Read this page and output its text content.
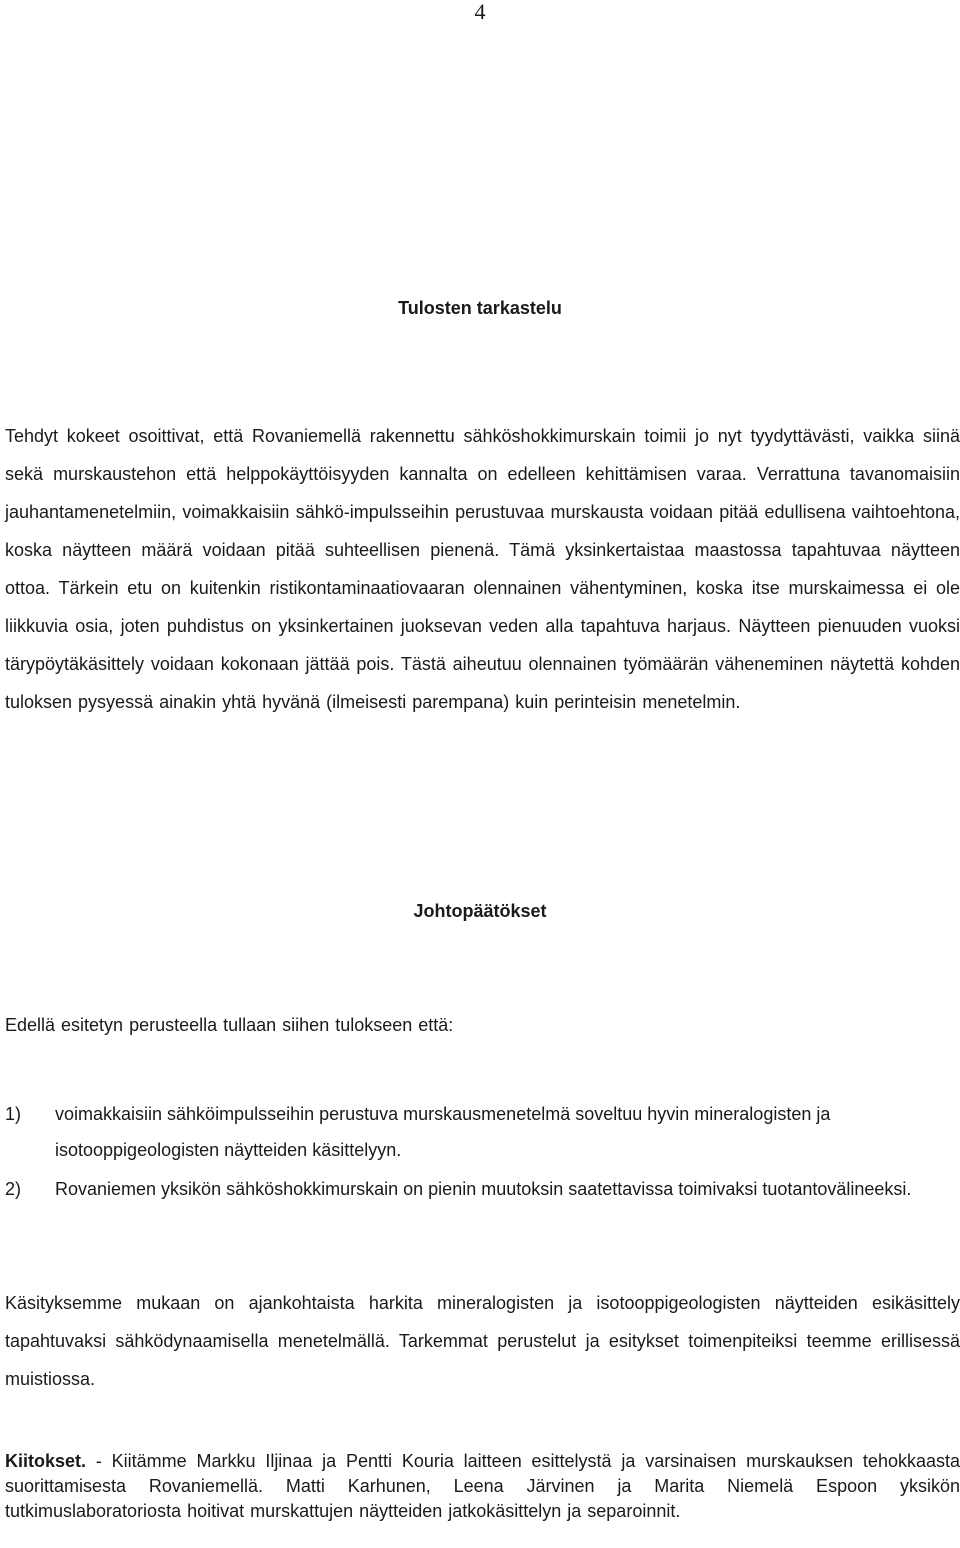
4
Tulosten tarkastelu

Tehdyt kokeet osoittivat, että Rovaniemellä rakennettu sähköshokkimurskain toimii jo nyt tyydyttävästi, vaikka siinä sekä murskaustehon että helppokäyttöisyyden kannalta on edelleen kehittämisen varaa. Verrattuna tavanomaisiin jauhantamenetelmiin, voimakkaisiin sähkö-impulsseihin perustuvaa murskausta voidaan pitää edullisena vaihtoehtona, koska näytteen määrä voidaan pitää suhteellisen pienenä. Tämä yksinkertaistaa maastossa tapahtuvaa näytteen ottoa. Tärkein etu on kuitenkin ristikontaminaatiovaaran olennainen vähentyminen, koska itse murskaimessa ei ole liikkuvia osia, joten puhdistus on yksinkertainen juoksevan veden alla tapahtuva harjaus. Näytteen pienuuden vuoksi tärypöytäkäsittely voidaan kokonaan jättää pois. Tästä aiheutuu olennainen työmäärän väheneminen näytettä kohden tuloksen pysyessä ainakin yhtä hyvänä (ilmeisesti parempana) kuin perinteisin menetelmin.

Johtopäätökset

Edellä esitetyn perusteella tullaan siihen tulokseen että:

1) voimakkaisiin sähköimpulsseihin perustuva murskausmenetelmä soveltuu hyvin mineralogisten ja isotooppigeologisten näytteiden käsittelyyn.
2) Rovaniemen yksikön sähköshokkimurskain on pienin muutoksin saatettavissa toimivaksi tuotantovälineeksi.

Käsityksemme mukaan on ajankohtaista harkita mineralogisten ja isotooppigeologisten näytteiden esikäsittely tapahtuvaksi sähködynaamisella menetelmällä. Tarkemmat perustelut ja esitykset toimenpiteiksi teemme erillisessä muistiossa.

Kiitokset. - Kiitämme Markku Iljinaa ja Pentti Kouria laitteen esittelystä ja varsinaisen murskauksen tehokkaasta suorittamisesta Rovaniemellä. Matti Karhunen, Leena Järvinen ja Marita Niemelä Espoon yksikön tutkimuslaboratoriosta hoitivat murskattujen näytteiden jatkokäsittelyn ja separoinnit.
